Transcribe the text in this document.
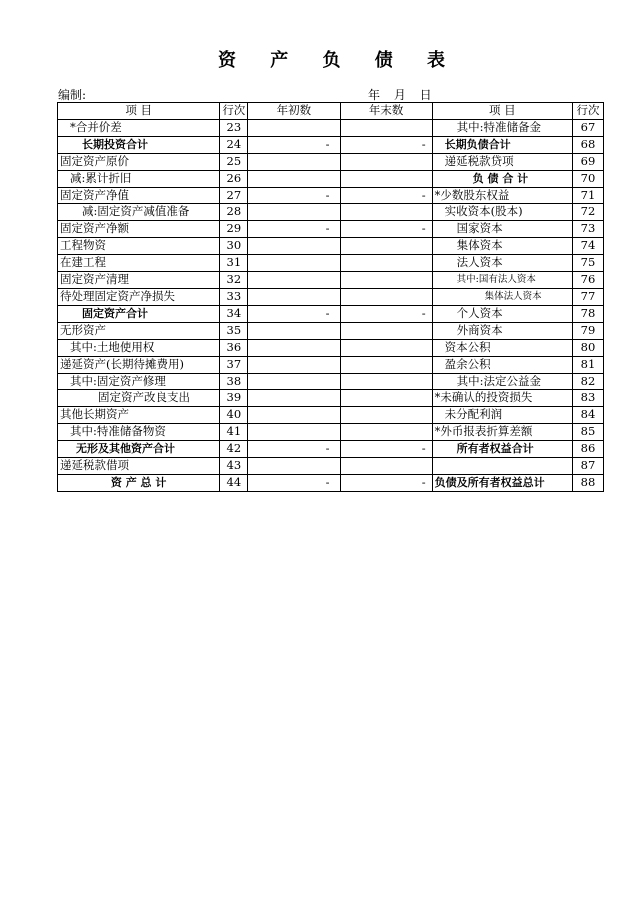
资 产 负 债 表
编制:	年 月 日
项 目	行次	年初数	年末数	项 目	行次
*合并价差	23			其中:特准储备金	67
长期投资合计	24	-	-	长期负债合计	68
固定资产原价	25			递延税款贷项	69
减:累计折旧	26			负 债 合 计	70
固定资产净值	27	-	-	*少数股东权益	71
减:固定资产减值准备	28			实收资本(股本)	72
固定资产净额	29	-	-	国家资本	73
工程物资	30			集体资本	74
在建工程	31			法人资本	75
固定资产清理	32			其中:国有法人资本	76
待处理固定资产净损失	33			集体法人资本	77
固定资产合计	34	-	-	个人资本	78
无形资产	35			外商资本	79
其中:土地使用权	36			资本公积	80
递延资产(长期待摊费用)	37			盈余公积	81
其中:固定资产修理	38			其中:法定公益金	82
固定资产改良支出	39			*未确认的投资损失	83
其他长期资产	40			未分配利润	84
其中:特准储备物资	41			*外币报表折算差额	85
无形及其他资产合计	42	-	-	所有者权益合计	86
递延税款借项	43				87
资 产 总 计	44	-	-	负债及所有者权益总计	88
